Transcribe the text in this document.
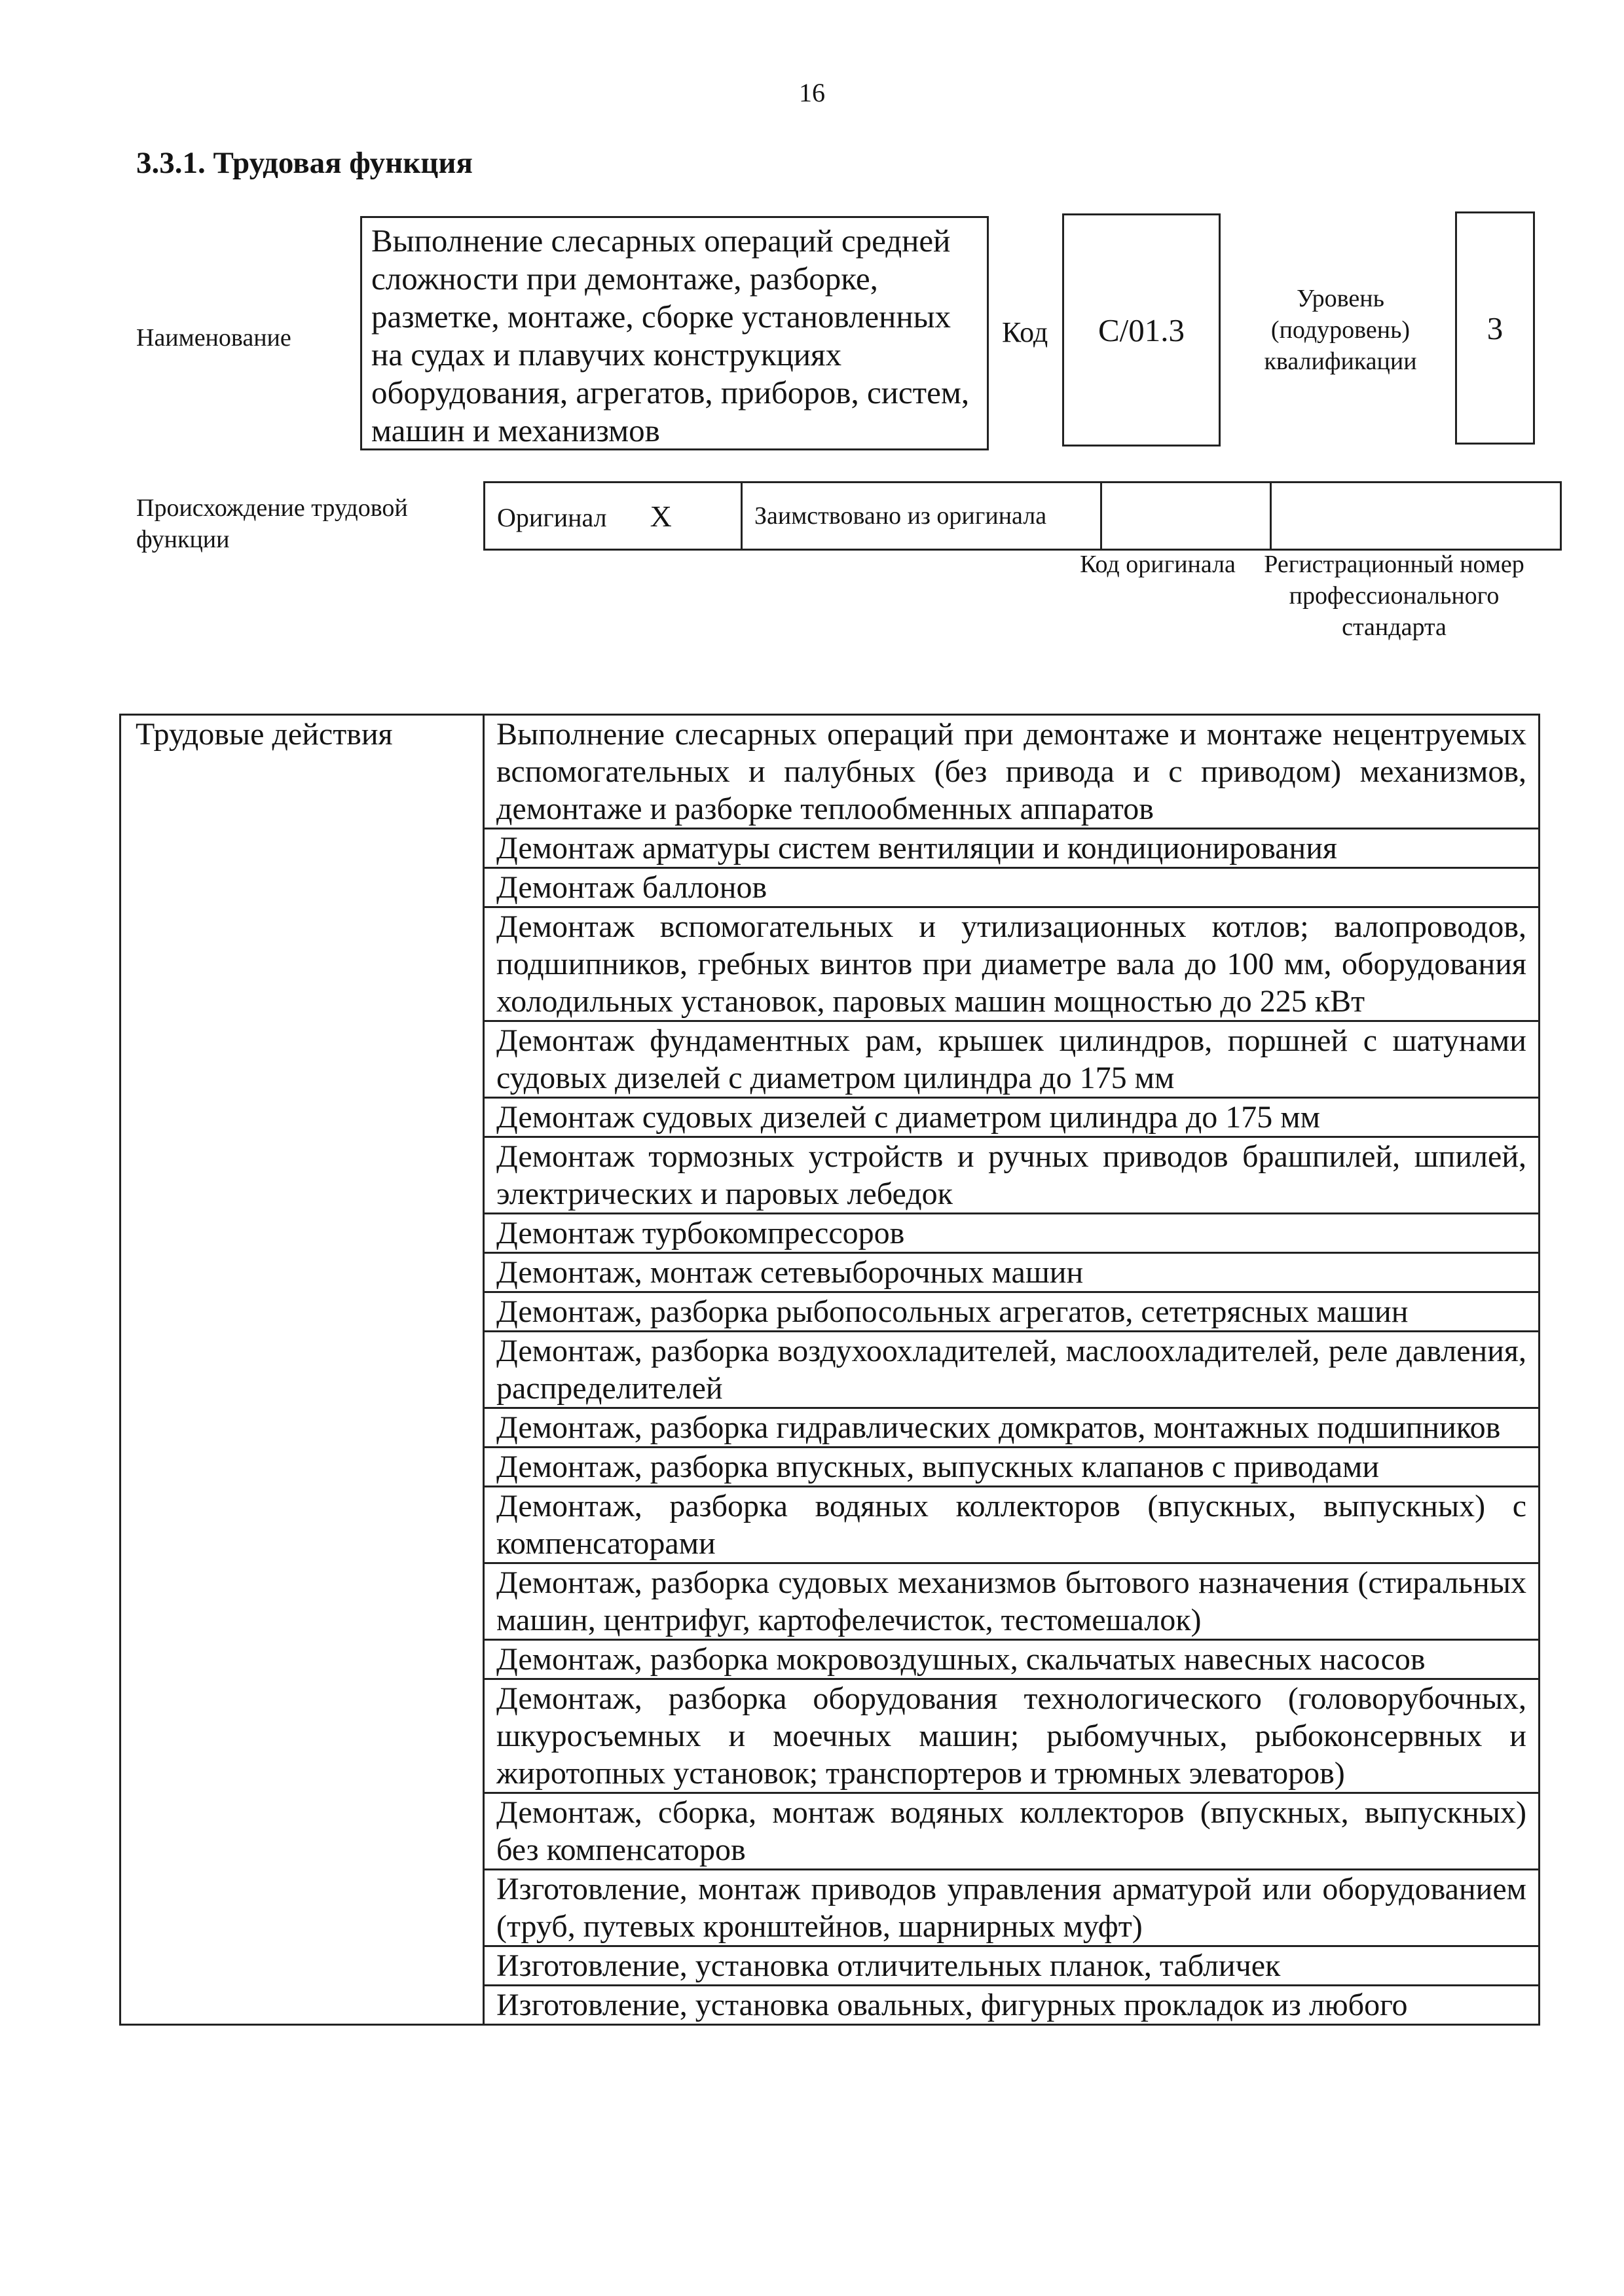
16
3.3.1. Трудовая функция
Наименование
Выполнение слесарных операций средней сложности при демонтаже, разборке, разметке, монтаже, сборке установленных на судах и плавучих конструкциях оборудования, агрегатов, приборов, систем, машин и механизмов
Код C/01.3
Уровень (подуровень) квалификации
3
Происхождение трудовой функции
Оригинал X	Заимствовано из оригинала		
Код оригинала	Регистрационный номер профессионального стандарта
Трудовые действия	Выполнение слесарных операций при демонтаже и монтаже нецентруемых вспомогательных и палубных (без привода и с приводом) механизмов, демонтаже и разборке теплообменных аппаратов
Демонтаж арматуры систем вентиляции и кондиционирования
Демонтаж баллонов
Демонтаж вспомогательных и утилизационных котлов; валопроводов, подшипников, гребных винтов при диаметре вала до 100 мм, оборудования холодильных установок, паровых машин мощностью до 225 кВт
Демонтаж фундаментных рам, крышек цилиндров, поршней с шатунами судовых дизелей с диаметром цилиндра до 175 мм
Демонтаж судовых дизелей с диаметром цилиндра до 175 мм
Демонтаж тормозных устройств и ручных приводов брашпилей, шпилей, электрических и паровых лебедок
Демонтаж турбокомпрессоров
Демонтаж, монтаж сетевыборочных машин
Демонтаж, разборка рыбопосольных агрегатов, сететрясных машин
Демонтаж, разборка воздухоохладителей, маслоохладителей, реле давления, распределителей
Демонтаж, разборка гидравлических домкратов, монтажных подшипников
Демонтаж, разборка впускных, выпускных клапанов с приводами
Демонтаж, разборка водяных коллекторов (впускных, выпускных) с компенсаторами
Демонтаж, разборка судовых механизмов бытового назначения (стиральных машин, центрифуг, картофелечисток, тестомешалок)
Демонтаж, разборка мокровоздушных, скальчатых навесных насосов
Демонтаж, разборка оборудования технологического (головорубочных, шкуросъемных и моечных машин; рыбомучных, рыбоконсервных и жиротопных установок; транспортеров и трюмных элеваторов)
Демонтаж, сборка, монтаж водяных коллекторов (впускных, выпускных) без компенсаторов
Изготовление, монтаж приводов управления арматурой или оборудованием (труб, путевых кронштейнов, шарнирных муфт)
Изготовление, установка отличительных планок, табличек
Изготовление, установка овальных, фигурных прокладок из любого
